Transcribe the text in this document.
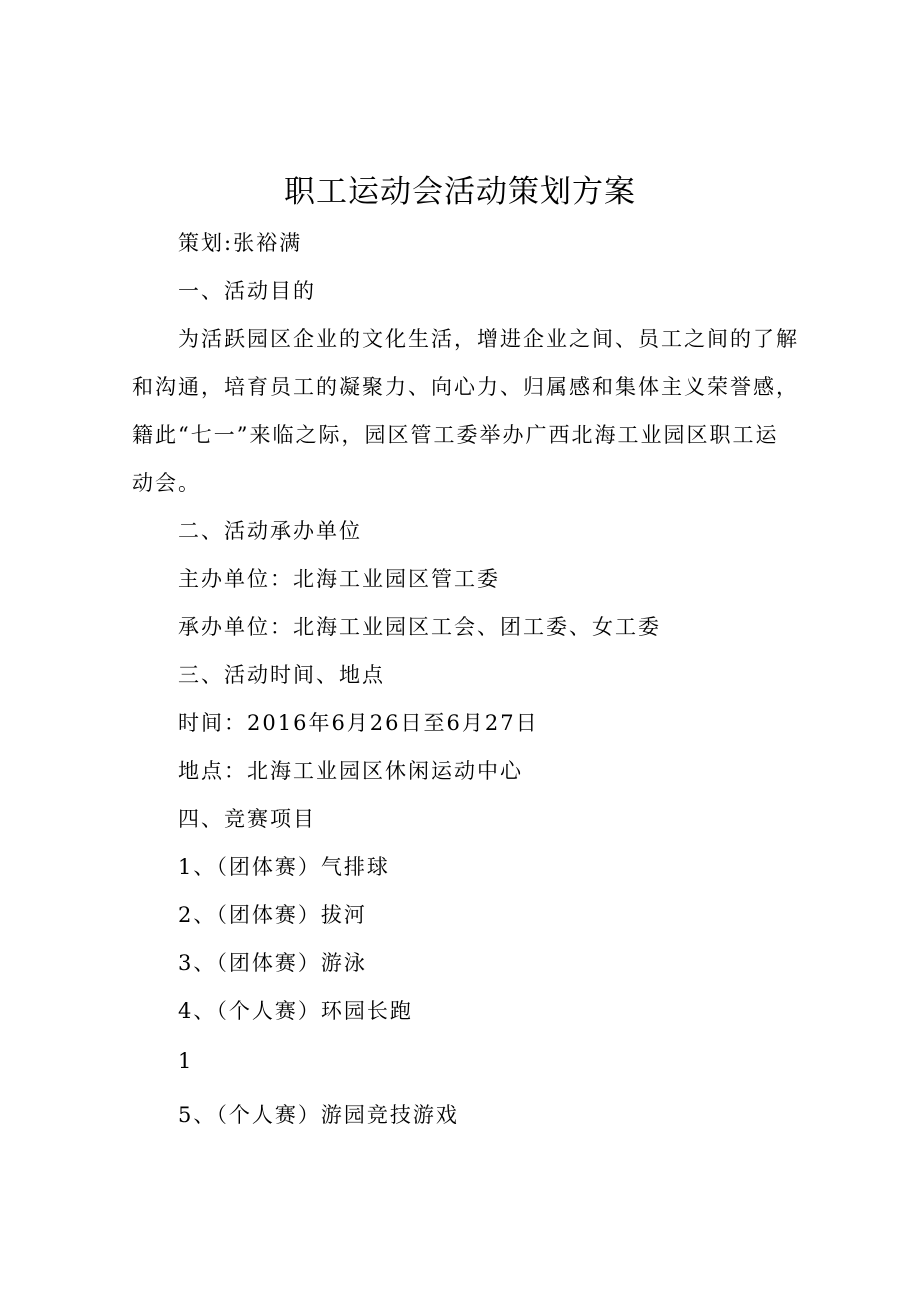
职工运动会活动策划方案
策划:张裕满
一、活动目的
为活跃园区企业的文化生活，增进企业之间、员工之间的了解
和沟通，培育员工的凝聚力、向心力、归属感和集体主义荣誉感，
籍此“七一”来临之际，园区管工委举办广西北海工业园区职工运
动会。
二、活动承办单位
主办单位：北海工业园区管工委
承办单位：北海工业园区工会、团工委、女工委
三、活动时间、地点
时间：2016年6月26日至6月27日
地点：北海工业园区休闲运动中心
四、竞赛项目
1、（团体赛）气排球
2、（团体赛）拔河
3、（团体赛）游泳
4、（个人赛）环园长跑
1
5、（个人赛）游园竞技游戏
